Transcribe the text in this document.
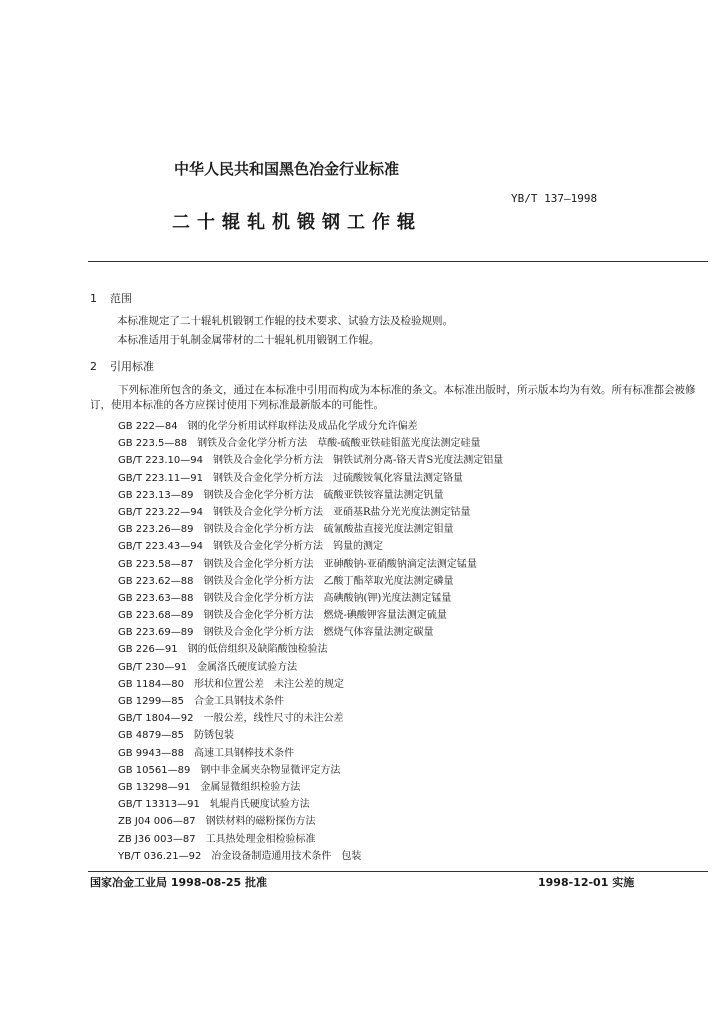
中华人民共和国黑色冶金行业标准
YB/T 137—1998
二十辊轧机锻钢工作辊
1 范围
本标准规定了二十辊轧机锻钢工作辊的技术要求、试验方法及检验规则。
本标准适用于轧制金属带材的二十辊轧机用锻钢工作辊。
2 引用标准
下列标准所包含的条文，通过在本标准中引用而构成为本标准的条文。本标准出版时，所示版本均为有效。所有标准都会被修订，使用本标准的各方应探讨使用下列标准最新版本的可能性。
GB 222—84 钢的化学分析用试样取样法及成品化学成分允许偏差
GB 223.5—88 钢铁及合金化学分析方法　草酸-硫酸亚铁硅钼蓝光度法测定硅量
GB/T 223.10—94 钢铁及合金化学分析方法　铜铁试剂分离-铬天青S光度法测定铝量
GB/T 223.11—91 钢铁及合金化学分析方法　过硫酸铵氧化容量法测定铬量
GB 223.13—89 钢铁及合金化学分析方法　硫酸亚铁铵容量法测定钒量
GB/T 223.22—94 钢铁及合金化学分析方法　亚硝基R盐分光光度法测定钴量
GB 223.26—89 钢铁及合金化学分析方法　硫氰酸盐直接光度法测定钼量
GB/T 223.43—94 钢铁及合金化学分析方法　钨量的测定
GB 223.58—87 钢铁及合金化学分析方法　亚砷酸钠-亚硝酸钠滴定法测定锰量
GB 223.62—88 钢铁及合金化学分析方法　乙酸丁酯萃取光度法测定磷量
GB 223.63—88 钢铁及合金化学分析方法　高碘酸钠(钾)光度法测定锰量
GB 223.68—89 钢铁及合金化学分析方法　燃烧-碘酸钾容量法测定硫量
GB 223.69—89 钢铁及合金化学分析方法　燃烧气体容量法测定碳量
GB 226—91 钢的低倍组织及缺陷酸蚀检验法
GB/T 230—91 金属洛氏硬度试验方法
GB 1184—80 形状和位置公差　未注公差的规定
GB 1299—85 合金工具钢技术条件
GB/T 1804—92 一般公差，线性尺寸的未注公差
GB 4879—85 防锈包装
GB 9943—88 高速工具钢棒技术条件
GB 10561—89 钢中非金属夹杂物显微评定方法
GB 13298—91 金属显微组织检验方法
GB/T 13313—91 轧辊肖氏硬度试验方法
ZB J04 006—87 钢铁材料的磁粉探伤方法
ZB J36 003—87 工具热处理金相检验标准
YB/T 036.21—92 冶金设备制造通用技术条件　包装
国家冶金工业局 1998-08-25 批准	1998-12-01 实施
